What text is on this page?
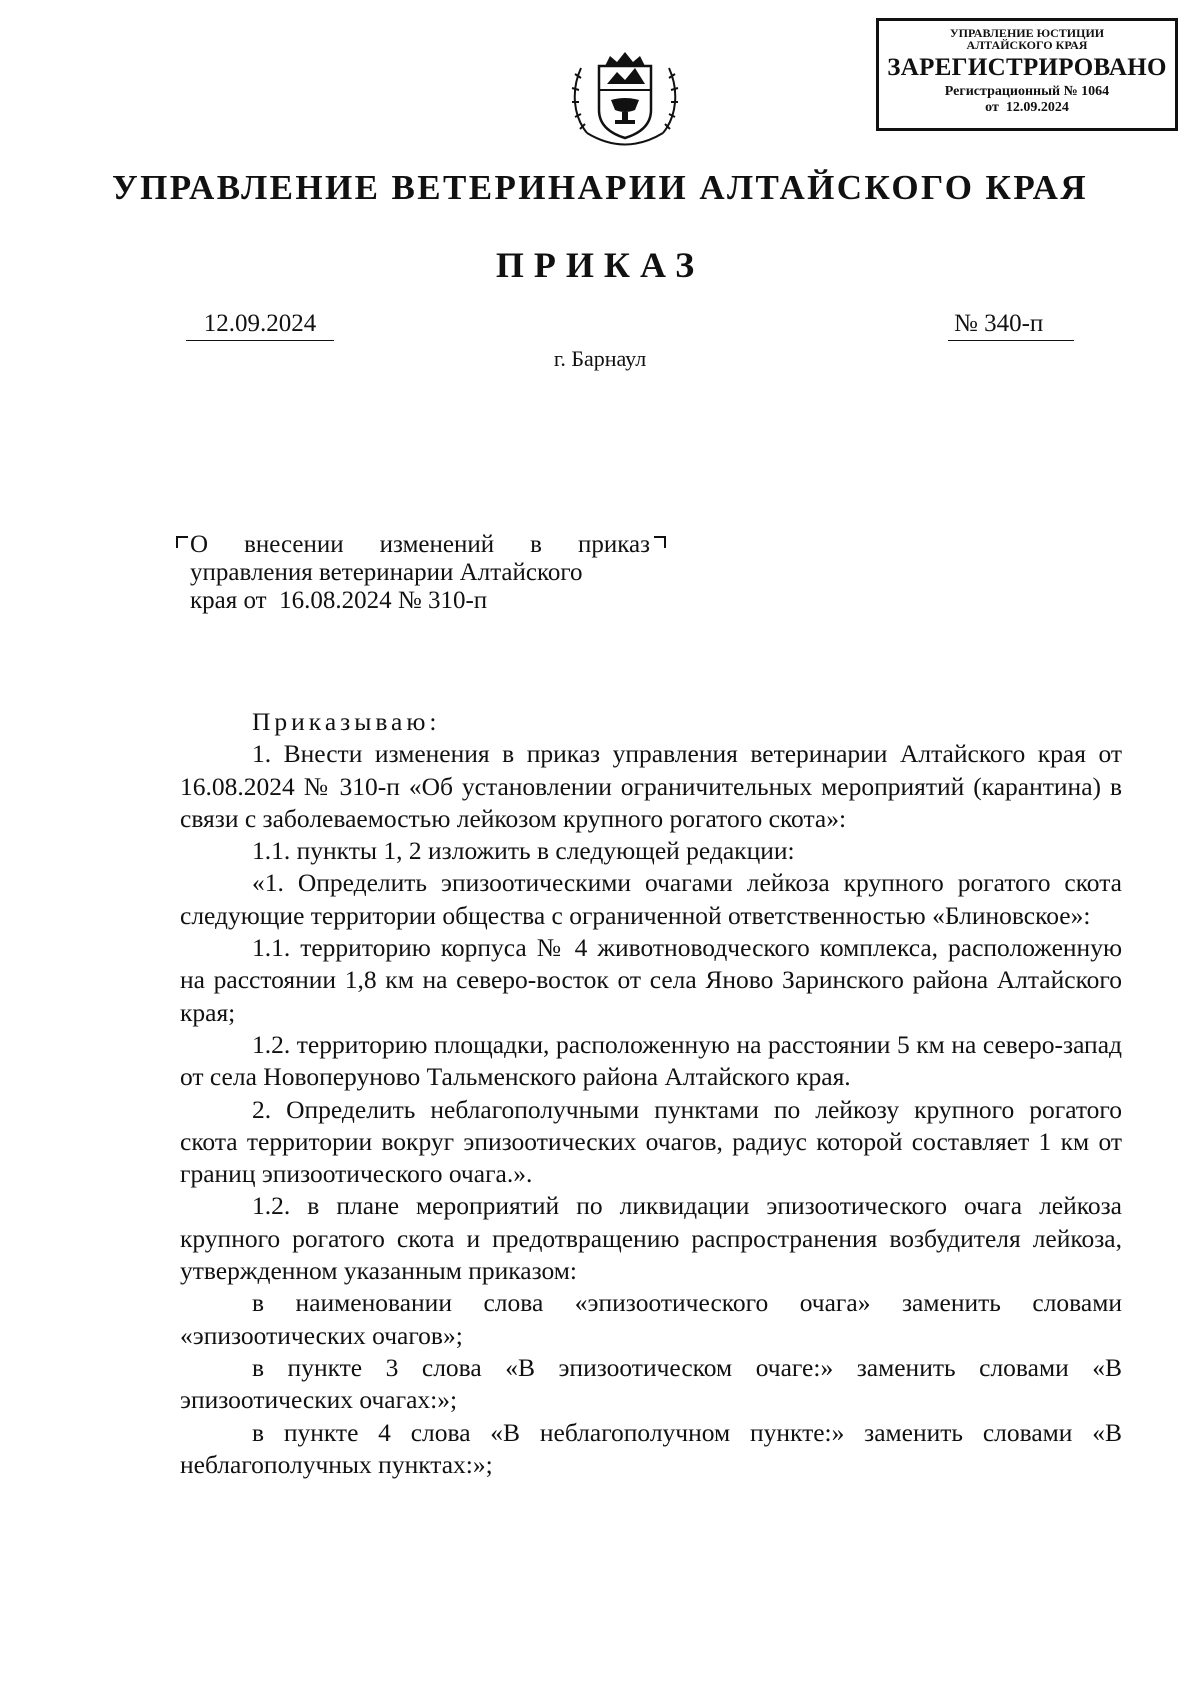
УПРАВЛЕНИЕ ЮСТИЦИИ
АЛТАЙСКОГО КРАЯ
ЗАРЕГИСТРИРОВАНО
Регистрационный № 1064
от  12.09.2024
УПРАВЛЕНИЕ ВЕТЕРИНАРИИ АЛТАЙСКОГО КРАЯ
ПРИКАЗ
12.09.2024	№ 340-п
г. Барнаул
О внесении изменений в приказ
управления ветеринарии Алтайского
края от  16.08.2024 № 310-п

Приказываю:

1. Внести изменения в приказ управления ветеринарии Алтайского края от 16.08.2024 № 310-п «Об установлении ограничительных мероприятий (карантина) в связи с заболеваемостью лейкозом крупного рогатого скота»:

1.1. пункты 1, 2 изложить в следующей редакции:

«1. Определить эпизоотическими очагами лейкоза крупного рогатого скота следующие территории общества с ограниченной ответственностью «Блиновское»:

1.1. территорию корпуса № 4 животноводческого комплекса, расположенную на расстоянии 1,8 км на северо-восток от села Яново Заринского района Алтайского края;

1.2. территорию площадки, расположенную на расстоянии 5 км на северо-запад от села Новоперуново Тальменского района Алтайского края.

2. Определить неблагополучными пунктами по лейкозу крупного рогатого скота территории вокруг эпизоотических очагов, радиус которой составляет 1 км от границ эпизоотического очага.».

1.2. в плане мероприятий по ликвидации эпизоотического очага лейкоза крупного рогатого скота и предотвращению распространения возбудителя лейкоза, утвержденном указанным приказом:

в наименовании слова «эпизоотического очага» заменить словами «эпизоотических очагов»;

в пункте 3 слова «В эпизоотическом очаге:» заменить словами «В эпизоотических очагах:»;

в пункте 4 слова «В неблагополучном пункте:» заменить словами «В неблагополучных пунктах:»;
